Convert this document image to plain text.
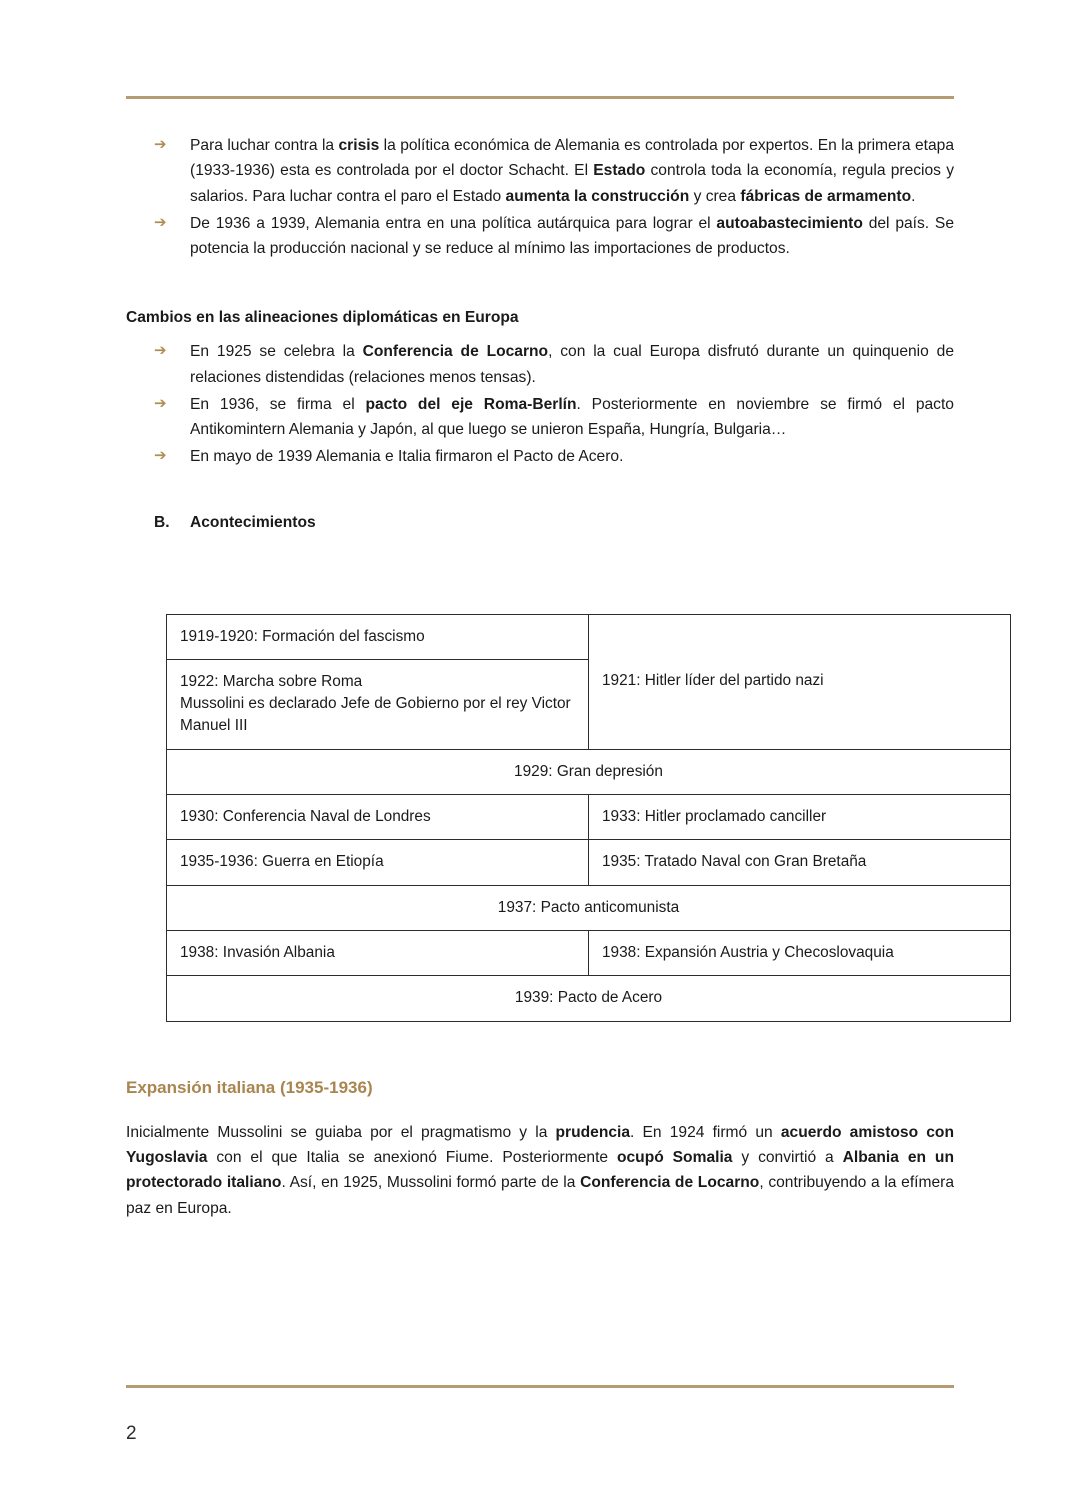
➔ Para luchar contra la crisis la política económica de Alemania es controlada por expertos. En la primera etapa (1933-1936) esta es controlada por el doctor Schacht. El Estado controla toda la economía, regula precios y salarios. Para luchar contra el paro el Estado aumenta la construcción y crea fábricas de armamento.
➔ De 1936 a 1939, Alemania entra en una política autárquica para lograr el autoabastecimiento del país. Se potencia la producción nacional y se reduce al mínimo las importaciones de productos.
Cambios en las alineaciones diplomáticas en Europa
➔ En 1925 se celebra la Conferencia de Locarno, con la cual Europa disfrutó durante un quinquenio de relaciones distendidas (relaciones menos tensas).
➔ En 1936, se firma el pacto del eje Roma-Berlín. Posteriormente en noviembre se firmó el pacto Antikomintern Alemania y Japón, al que luego se unieron España, Hungría, Bulgaria…
➔ En mayo de 1939 Alemania e Italia firmaron el Pacto de Acero.
B. Acontecimientos
1919-1920: Formación del fascismo	1921: Hitler líder del partido nazi
1922: Marcha sobre Roma
Mussolini es declarado Jefe de Gobierno por el rey Victor Manuel III	
1929: Gran depresión	
1930: Conferencia Naval de Londres	1933: Hitler proclamado canciller
1935-1936: Guerra en Etiopía	1935: Tratado Naval con Gran Bretaña
1937: Pacto anticomunista	
1938: Invasión Albania	1938: Expansión Austria y Checoslovaquia
1939: Pacto de Acero	
Expansión italiana (1935-1936)

Inicialmente Mussolini se guiaba por el pragmatismo y la prudencia. En 1924 firmó un acuerdo amistoso con Yugoslavia con el que Italia se anexionó Fiume. Posteriormente ocupó Somalia y convirtió a Albania en un protectorado italiano. Así, en 1925, Mussolini formó parte de la Conferencia de Locarno, contribuyendo a la efímera paz en Europa.

2
